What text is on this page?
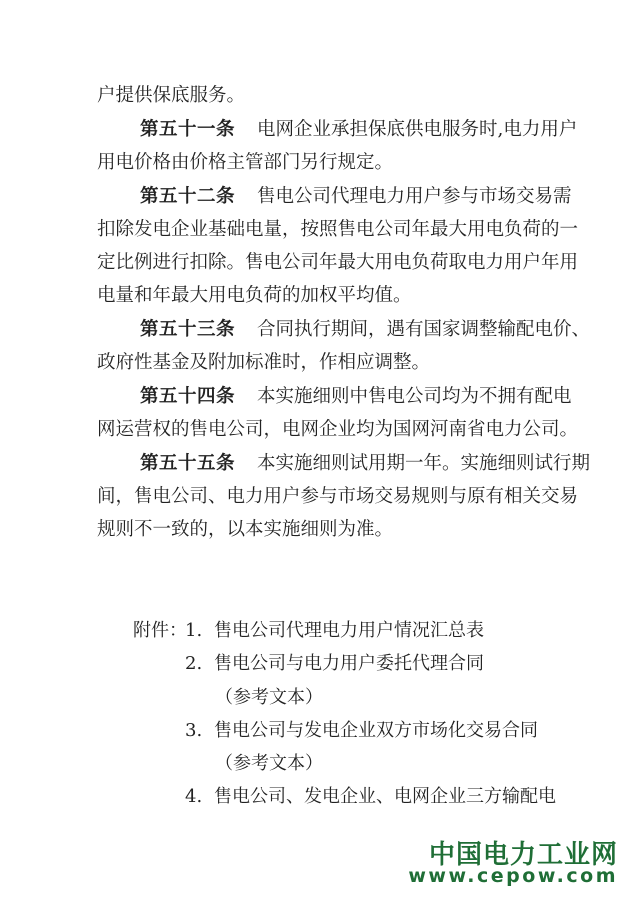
户提供保底服务。
第五十一条 电网企业承担保底供电服务时,电力用户
用电价格由价格主管部门另行规定。
第五十二条 售电公司代理电力用户参与市场交易需
扣除发电企业基础电量，按照售电公司年最大用电负荷的一
定比例进行扣除。售电公司年最大用电负荷取电力用户年用
电量和年最大用电负荷的加权平均值。
第五十三条 合同执行期间，遇有国家调整输配电价、
政府性基金及附加标准时，作相应调整。
第五十四条 本实施细则中售电公司均为不拥有配电
网运营权的售电公司，电网企业均为国网河南省电力公司。
第五十五条 本实施细则试用期一年。实施细则试行期
间，售电公司、电力用户参与市场交易规则与原有相关交易
规则不一致的，以本实施细则为准。
附件：
1. 售电公司代理电力用户情况汇总表
2. 售电公司与电力用户委托代理合同
（参考文本）
3. 售电公司与发电企业双方市场化交易合同
（参考文本）
4. 售电公司、发电企业、电网企业三方输配电
中国电力工业网
www.cepow.com
